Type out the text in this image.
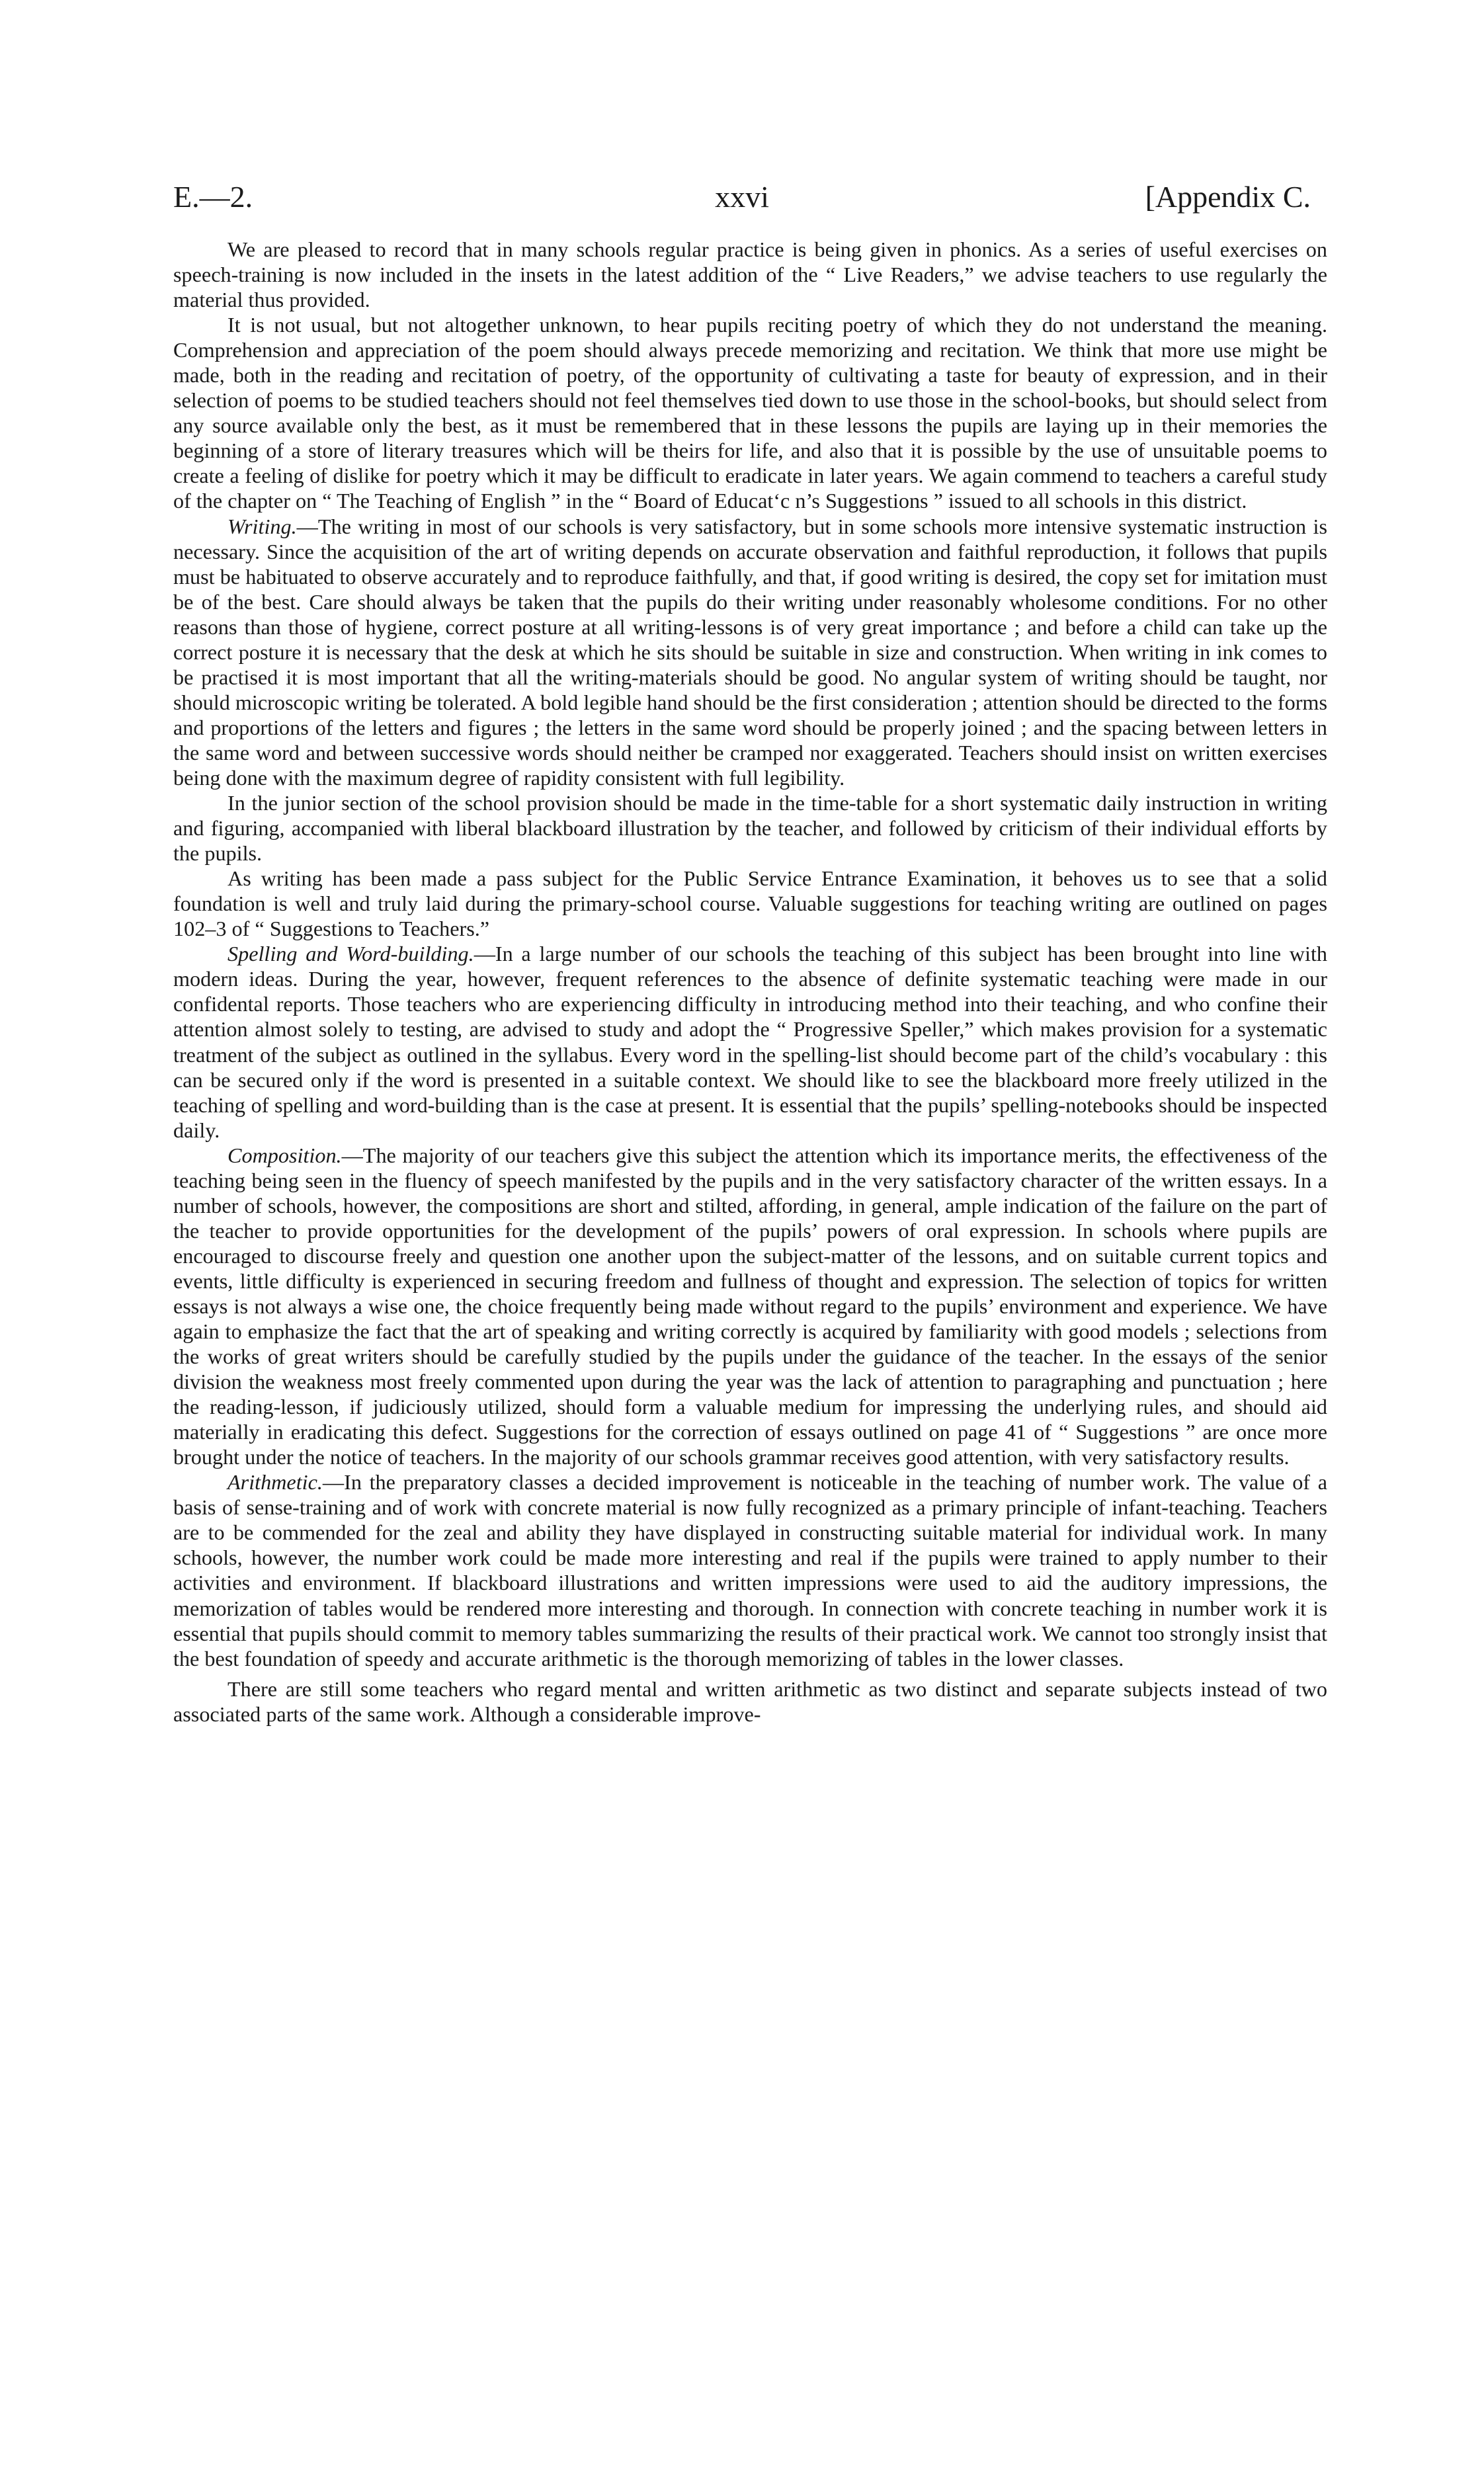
E.—2.	xxvi	[Appendix C.

We are pleased to record that in many schools regular practice is being given in phonics. As a series of useful exercises on speech-training is now included in the insets in the latest addition of the “ Live Readers,” we advise teachers to use regularly the material thus provided.

It is not usual, but not altogether unknown, to hear pupils reciting poetry of which they do not understand the meaning. Comprehension and appreciation of the poem should always precede memorizing and recitation. We think that more use might be made, both in the reading and recitation of poetry, of the opportunity of cultivating a taste for beauty of expression, and in their selection of poems to be studied teachers should not feel themselves tied down to use those in the school-books, but should select from any source available only the best, as it must be remembered that in these lessons the pupils are laying up in their memories the beginning of a store of literary treasures which will be theirs for life, and also that it is possible by the use of unsuitable poems to create a feeling of dislike for poetry which it may be difficult to eradicate in later years. We again commend to teachers a careful study of the chapter on “ The Teaching of English ” in the “ Board of Educat‘c n’s Suggestions ” issued to all schools in this district.

Writing.—The writing in most of our schools is very satisfactory, but in some schools more intensive systematic instruction is necessary. Since the acquisition of the art of writing depends on accurate observation and faithful reproduction, it follows that pupils must be habituated to observe accurately and to reproduce faithfully, and that, if good writing is desired, the copy set for imitation must be of the best. Care should always be taken that the pupils do their writing under reasonably wholesome conditions. For no other reasons than those of hygiene, correct posture at all writing-lessons is of very great importance ; and before a child can take up the correct posture it is necessary that the desk at which he sits should be suitable in size and construction. When writing in ink comes to be practised it is most important that all the writing-materials should be good. No angular system of writing should be taught, nor should microscopic writing be tolerated. A bold legible hand should be the first consideration ; attention should be directed to the forms and proportions of the letters and figures ; the letters in the same word should be properly joined ; and the spacing between letters in the same word and between successive words should neither be cramped nor exaggerated. Teachers should insist on written exercises being done with the maximum degree of rapidity consistent with full legibility.

In the junior section of the school provision should be made in the time-table for a short systematic daily instruction in writing and figuring, accompanied with liberal blackboard illustration by the teacher, and followed by criticism of their individual efforts by the pupils.

As writing has been made a pass subject for the Public Service Entrance Examination, it behoves us to see that a solid foundation is well and truly laid during the primary-school course. Valuable suggestions for teaching writing are outlined on pages 102–3 of “ Suggestions to Teachers.”

Spelling and Word-building.—In a large number of our schools the teaching of this subject has been brought into line with modern ideas. During the year, however, frequent references to the absence of definite systematic teaching were made in our confidental reports. Those teachers who are experiencing difficulty in introducing method into their teaching, and who confine their attention almost solely to testing, are advised to study and adopt the “ Progressive Speller,” which makes provision for a systematic treatment of the subject as outlined in the syllabus. Every word in the spelling-list should become part of the child’s vocabulary : this can be secured only if the word is presented in a suitable context. We should like to see the blackboard more freely utilized in the teaching of spelling and word-building than is the case at present. It is essential that the pupils’ spelling-notebooks should be inspected daily.

Composition.—The majority of our teachers give this subject the attention which its importance merits, the effectiveness of the teaching being seen in the fluency of speech manifested by the pupils and in the very satisfactory character of the written essays. In a number of schools, however, the compositions are short and stilted, affording, in general, ample indication of the failure on the part of the teacher to provide opportunities for the development of the pupils’ powers of oral expression. In schools where pupils are encouraged to discourse freely and question one another upon the subject-matter of the lessons, and on suitable current topics and events, little difficulty is experienced in securing freedom and fullness of thought and expression. The selection of topics for written essays is not always a wise one, the choice frequently being made without regard to the pupils’ environment and experience. We have again to emphasize the fact that the art of speaking and writing correctly is acquired by familiarity with good models ; selections from the works of great writers should be carefully studied by the pupils under the guidance of the teacher. In the essays of the senior division the weakness most freely commented upon during the year was the lack of attention to paragraphing and punctuation ; here the reading-lesson, if judiciously utilized, should form a valuable medium for impressing the underlying rules, and should aid materially in eradicating this defect. Suggestions for the correction of essays outlined on page 41 of “ Suggestions ” are once more brought under the notice of teachers. In the majority of our schools grammar receives good attention, with very satisfactory results.

Arithmetic.—In the preparatory classes a decided improvement is noticeable in the teaching of number work. The value of a basis of sense-training and of work with concrete material is now fully recognized as a primary principle of infant-teaching. Teachers are to be commended for the zeal and ability they have displayed in constructing suitable material for individual work. In many schools, however, the number work could be made more interesting and real if the pupils were trained to apply number to their activities and environment. If blackboard illustrations and written impressions were used to aid the auditory impressions, the memorization of tables would be rendered more interesting and thorough. In connection with concrete teaching in number work it is essential that pupils should commit to memory tables summarizing the results of their practical work. We cannot too strongly insist that the best foundation of speedy and accurate arithmetic is the thorough memorizing of tables in the lower classes.

There are still some teachers who regard mental and written arithmetic as two distinct and separate subjects instead of two associated parts of the same work. Although a considerable improve-
